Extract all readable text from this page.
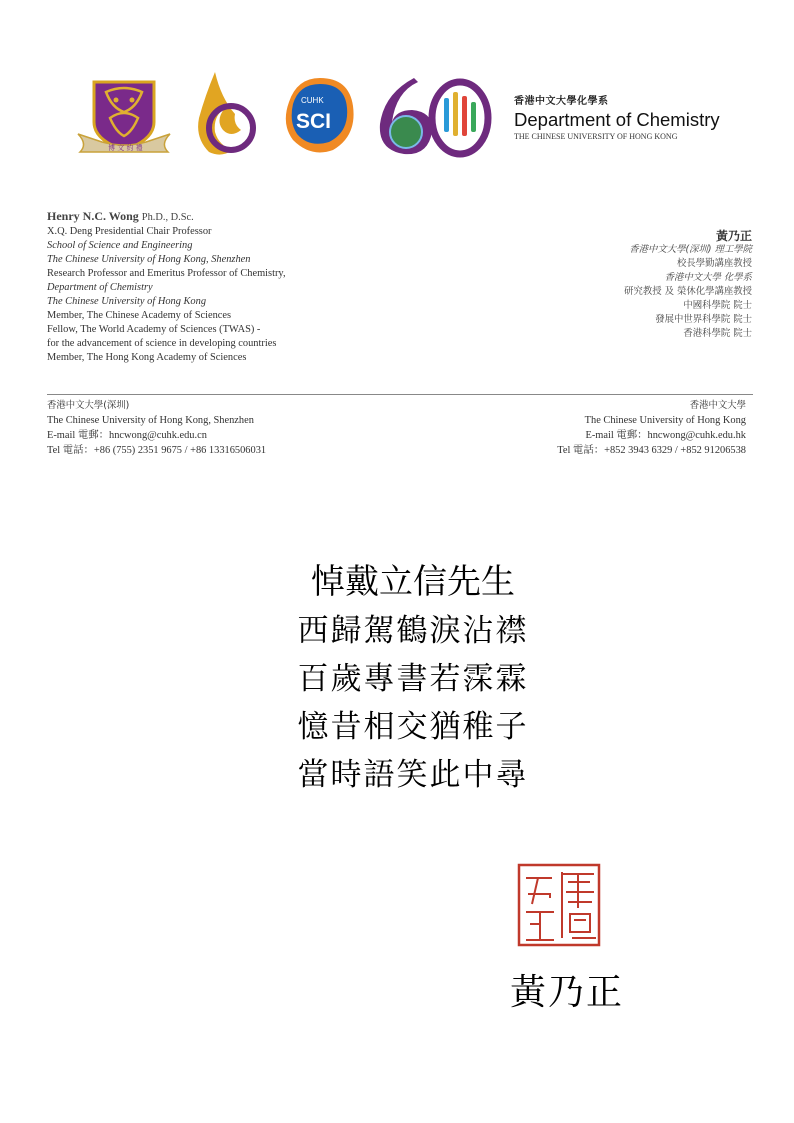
博 文 約 禮
CUHK
SCI
香港中文大學化學系
Department of Chemistry
THE CHINESE UNIVERSITY OF HONG KONG
Henry N.C. Wong Ph.D., D.Sc.
X.Q. Deng Presidential Chair Professor
School of Science and Engineering
The Chinese University of Hong Kong, Shenzhen
Research Professor and Emeritus Professor of Chemistry,
Department of Chemistry
The Chinese University of Hong Kong
Member, The Chinese Academy of Sciences
Fellow, The World Academy of Sciences (TWAS) -
for the advancement of science in developing countries
Member, The Hong Kong Academy of Sciences
黃乃正
香港中文大學(深圳) 理工學院
校長學勤講座教授
香港中文大學 化學系
研究教授 及 榮休化學講座教授
中國科學院 院士
發展中世界科學院 院士
香港科學院 院士
香港中文大學(深圳)
The Chinese University of Hong Kong, Shenzhen
E-mail 電郵：hncwong@cuhk.edu.cn
Tel 電話：+86 (755) 2351 9675 / +86 13316506031
香港中文大學
The Chinese University of Hong Kong
E-mail 電郵：hncwong@cuhk.edu.hk
Tel 電話：+852 3943 6329 / +852 91206538
悼戴立信先生
西歸駕鶴淚沾襟
百歲專書若霂霖
憶昔相交猶稚子
當時語笑此中尋
黃乃正
